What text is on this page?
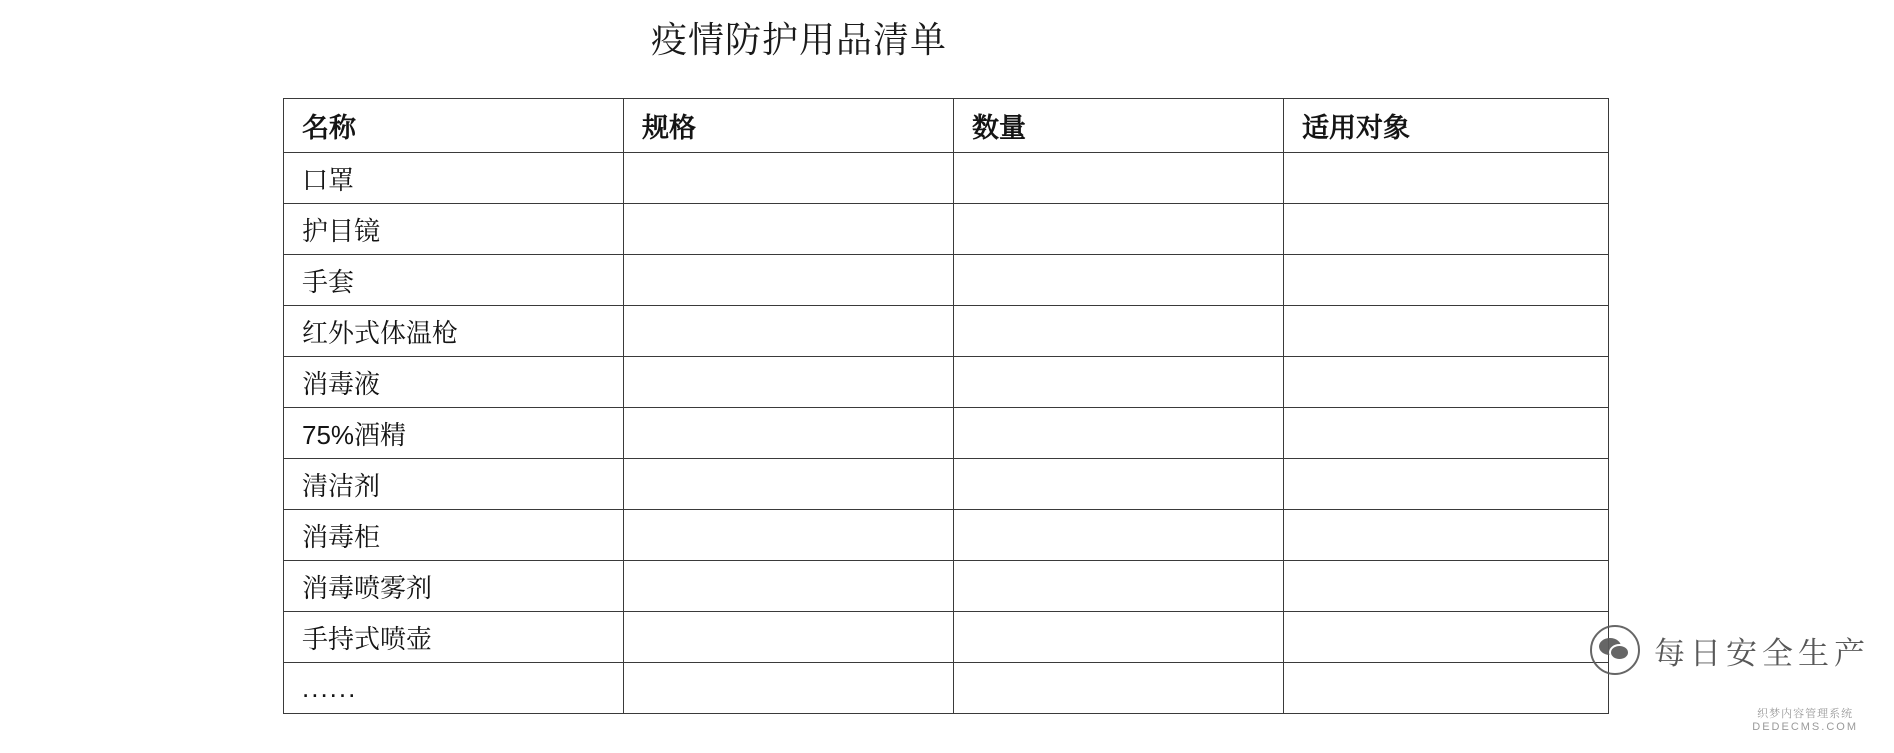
疫情防护用品清单
名称	规格	数量	适用对象
口罩			
护目镜			
手套			
红外式体温枪			
消毒液			
75%酒精			
清洁剂			
消毒柜			
消毒喷雾剂			
手持式喷壶			
......			
每日安全生产
织梦内容管理系统
DEDECMS.COM
